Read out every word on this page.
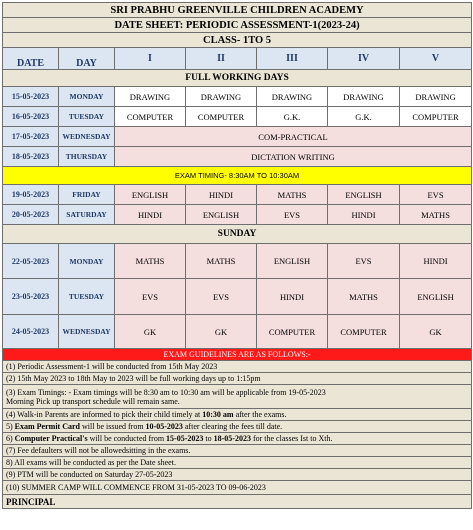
SRI PRABHU GREENVILLE CHILDREN ACADEMY						
DATE SHEET: PERIODIC ASSESSMENT-1(2023-24)						
CLASS- 1TO 5						
DATE	DAY	I	II	III	IV	V
FULL WORKING DAYS						
15-05-2023	MONDAY	DRAWING	DRAWING	DRAWING	DRAWING	DRAWING
16-05-2023	TUESDAY	COMPUTER	COMPUTER	G.K.	G.K.	COMPUTER
17-05-2023	WEDNESDAY	COM-PRACTICAL				
18-05-2023	THURSDAY	DICTATION WRITING				
EXAM TIMING- 8:30AM TO 10:30AM						
19-05-2023	FRIDAY	ENGLISH	HINDI	MATHS	ENGLISH	EVS
20-05-2023	SATURDAY	HINDI	ENGLISH	EVS	HINDI	MATHS
SUNDAY						
22-05-2023	MONDAY	MATHS	MATHS	ENGLISH	EVS	HINDI
23-05-2023	TUESDAY	EVS	EVS	HINDI	MATHS	ENGLISH
24-05-2023	WEDNESDAY	GK	GK	COMPUTER	COMPUTER	GK
EXAM GUIDELINES ARE AS FOLLOWS:-						
(1) Periodic Assessment-1 will be conducted from 15th May 2023						
(2) 15th May 2023 to 18th May to 2023 will be full working days up to 1:15pm						
(3) Exam Timings: - Exam timings will be 8:30 am to 10:30 am will be applicable from 19-05-2023
Morning Pick up transport schedule will remain same.						
(4) Walk-in Parents are informed to pick their child timely at 10:30 am after the exams.						
5) Exam Permit Card will be issued from 10-05-2023 after clearing the fees till date.						
6) Computer Practical's will be conducted from 15-05-2023 to 18-05-2023 for the classes Ist to Xth.						
(7) Fee defaulters will not be allowedsitting in the exams.						
8) All exams will be conducted as per the Date sheet.						
(9) PTM will be conducted on Saturday 27-05-2023						
(10) SUMMER CAMP WILL COMMENCE FROM 31-05-2023 TO 09-06-2023						
PRINCIPAL						
